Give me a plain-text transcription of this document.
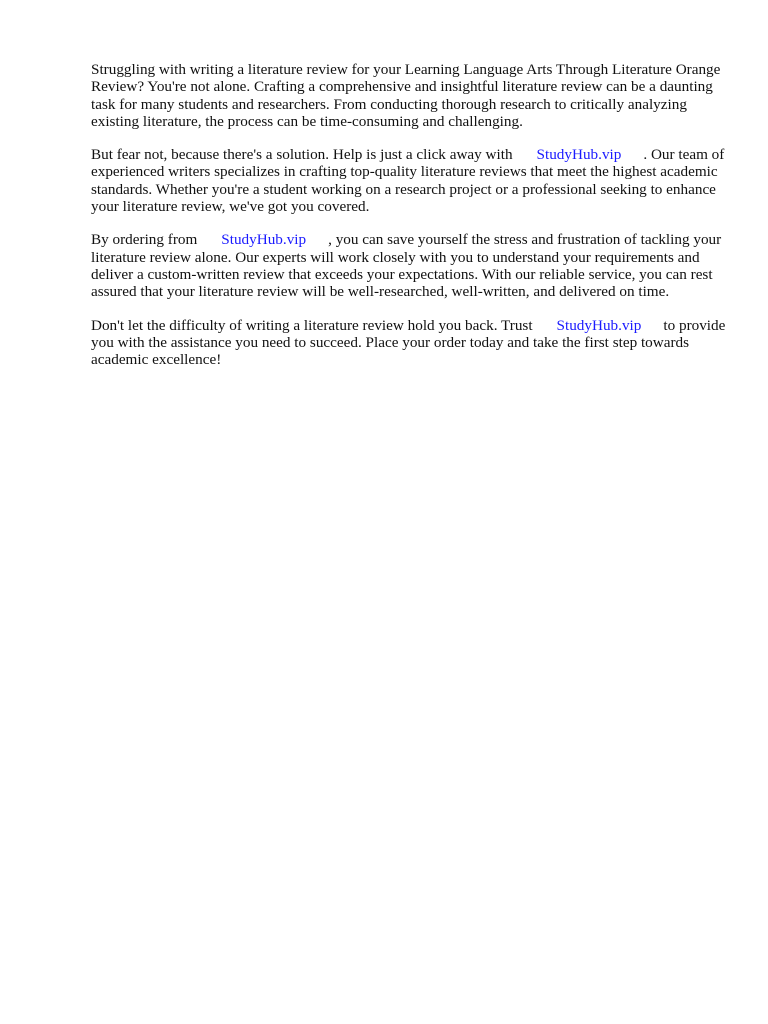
Struggling with writing a literature review for your Learning Language Arts Through Literature Orange Review? You're not alone. Crafting a comprehensive and insightful literature review can be a daunting task for many students and researchers. From conducting thorough research to critically analyzing existing literature, the process can be time-consuming and challenging.

But fear not, because there's a solution. Help is just a click away with StudyHub.vip . Our team of experienced writers specializes in crafting top-quality literature reviews that meet the highest academic standards. Whether you're a student working on a research project or a professional seeking to enhance your literature review, we've got you covered.

By ordering from StudyHub.vip , you can save yourself the stress and frustration of tackling your literature review alone. Our experts will work closely with you to understand your requirements and deliver a custom-written review that exceeds your expectations. With our reliable service, you can rest assured that your literature review will be well-researched, well-written, and delivered on time.

Don't let the difficulty of writing a literature review hold you back. Trust StudyHub.vip to provide you with the assistance you need to succeed. Place your order today and take the first step towards academic excellence!
